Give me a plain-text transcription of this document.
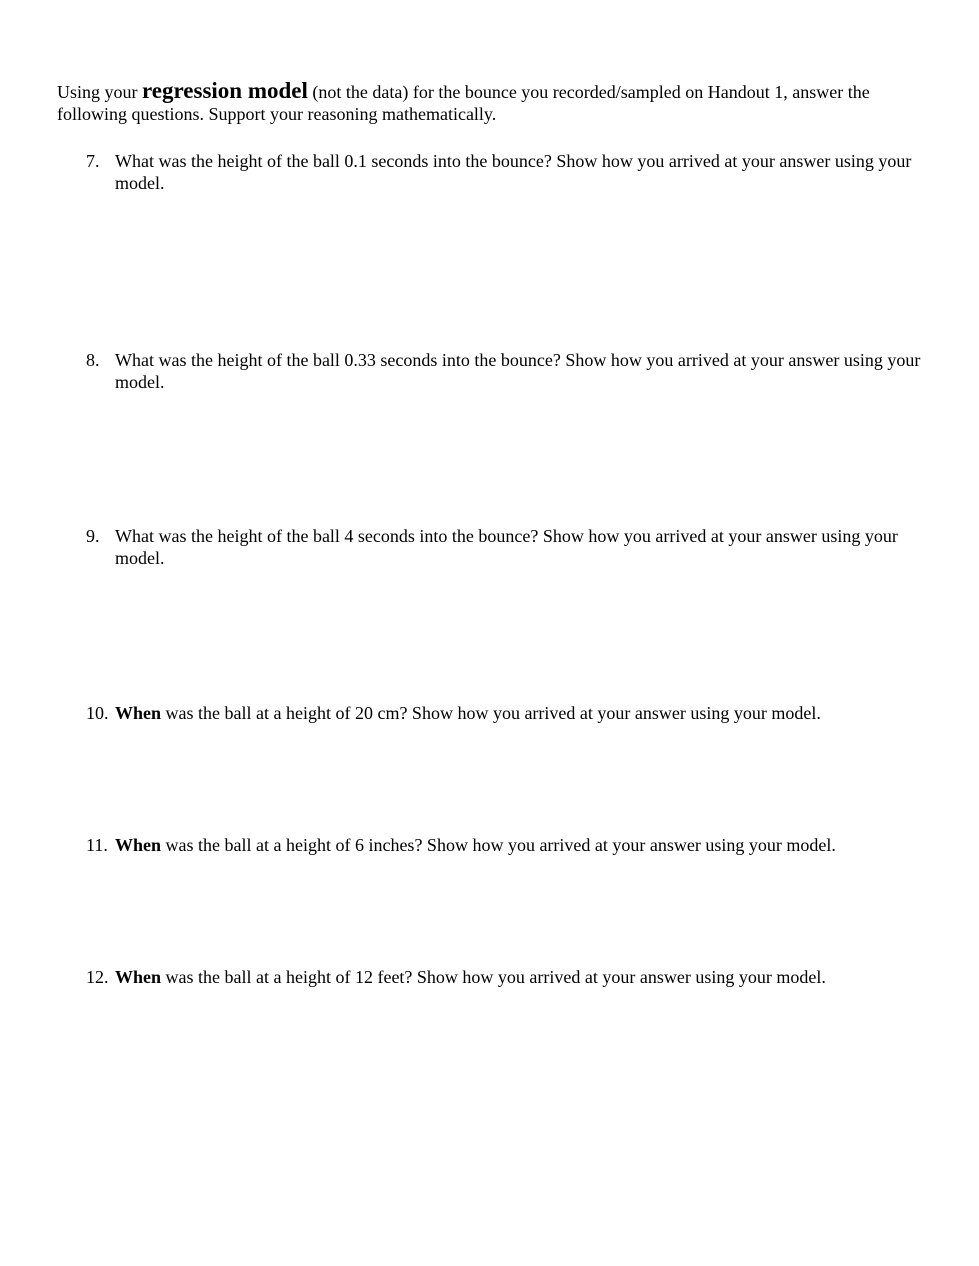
Using your regression model (not the data) for the bounce you recorded/sampled on Handout 1, answer the following questions. Support your reasoning mathematically.
7. What was the height of the ball 0.1 seconds into the bounce? Show how you arrived at your answer using your model.
8. What was the height of the ball 0.33 seconds into the bounce? Show how you arrived at your answer using your model.
9. What was the height of the ball 4 seconds into the bounce? Show how you arrived at your answer using your model.
10. When was the ball at a height of 20 cm? Show how you arrived at your answer using your model.
11. When was the ball at a height of 6 inches? Show how you arrived at your answer using your model.
12. When was the ball at a height of 12 feet? Show how you arrived at your answer using your model.
